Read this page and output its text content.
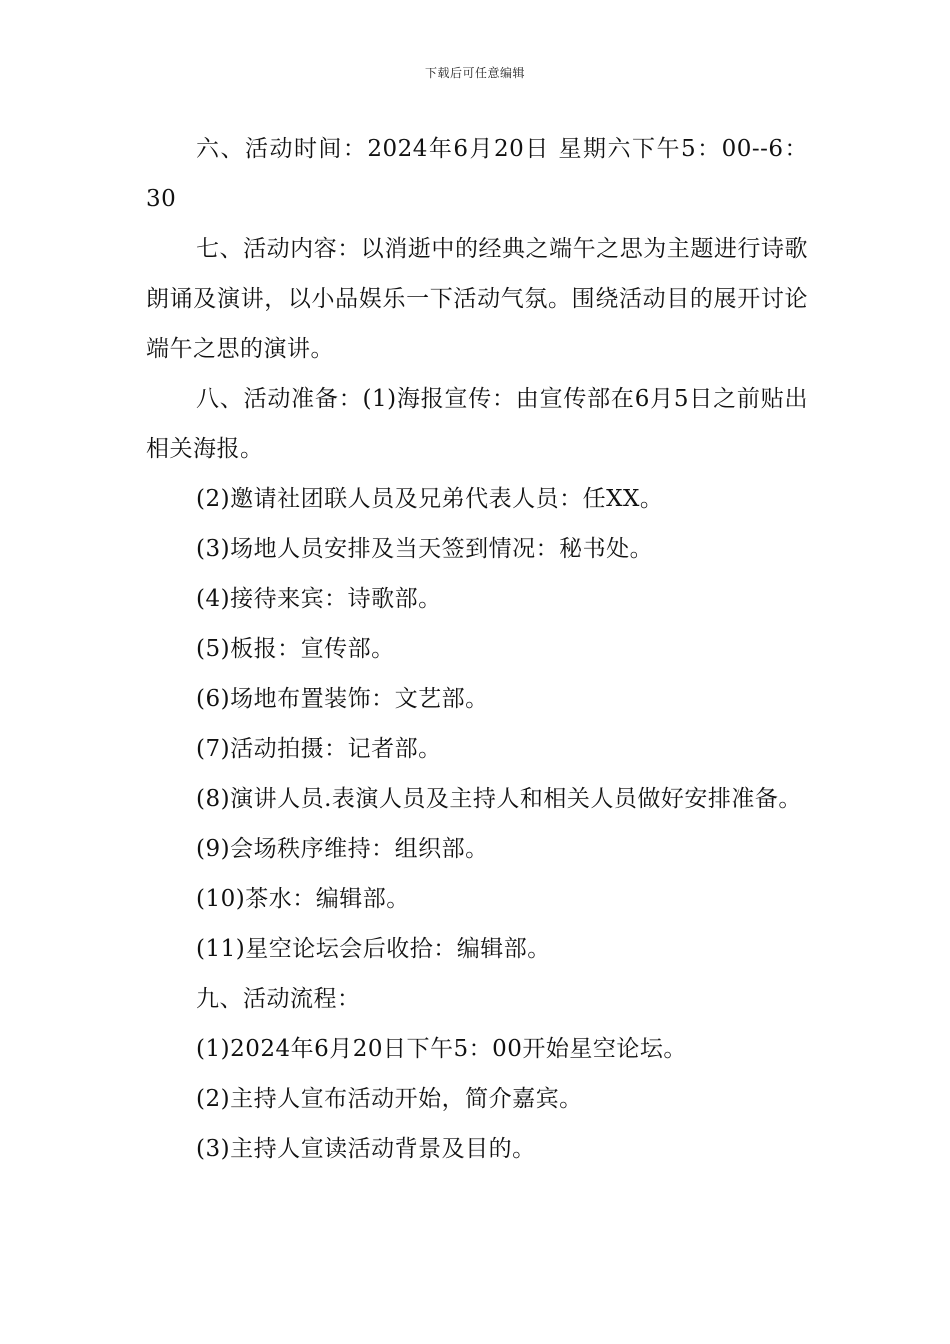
下载后可任意编辑

六、活动时间：2024年6月20日 星期六下午5：00--6：30

七、活动内容：以消逝中的经典之端午之思为主题进行诗歌朗诵及演讲，以小品娱乐一下活动气氛。围绕活动目的展开讨论端午之思的演讲。

八、活动准备：(1)海报宣传：由宣传部在6月5日之前贴出相关海报。

(2)邀请社团联人员及兄弟代表人员：任XX。

(3)场地人员安排及当天签到情况：秘书处。

(4)接待来宾：诗歌部。

(5)板报：宣传部。

(6)场地布置装饰：文艺部。

(7)活动拍摄：记者部。

(8)演讲人员.表演人员及主持人和相关人员做好安排准备。

(9)会场秩序维持：组织部。

(10)茶水：编辑部。

(11)星空论坛会后收拾：编辑部。

九、活动流程：

(1)2024年6月20日下午5：00开始星空论坛。

(2)主持人宣布活动开始，简介嘉宾。

(3)主持人宣读活动背景及目的。
